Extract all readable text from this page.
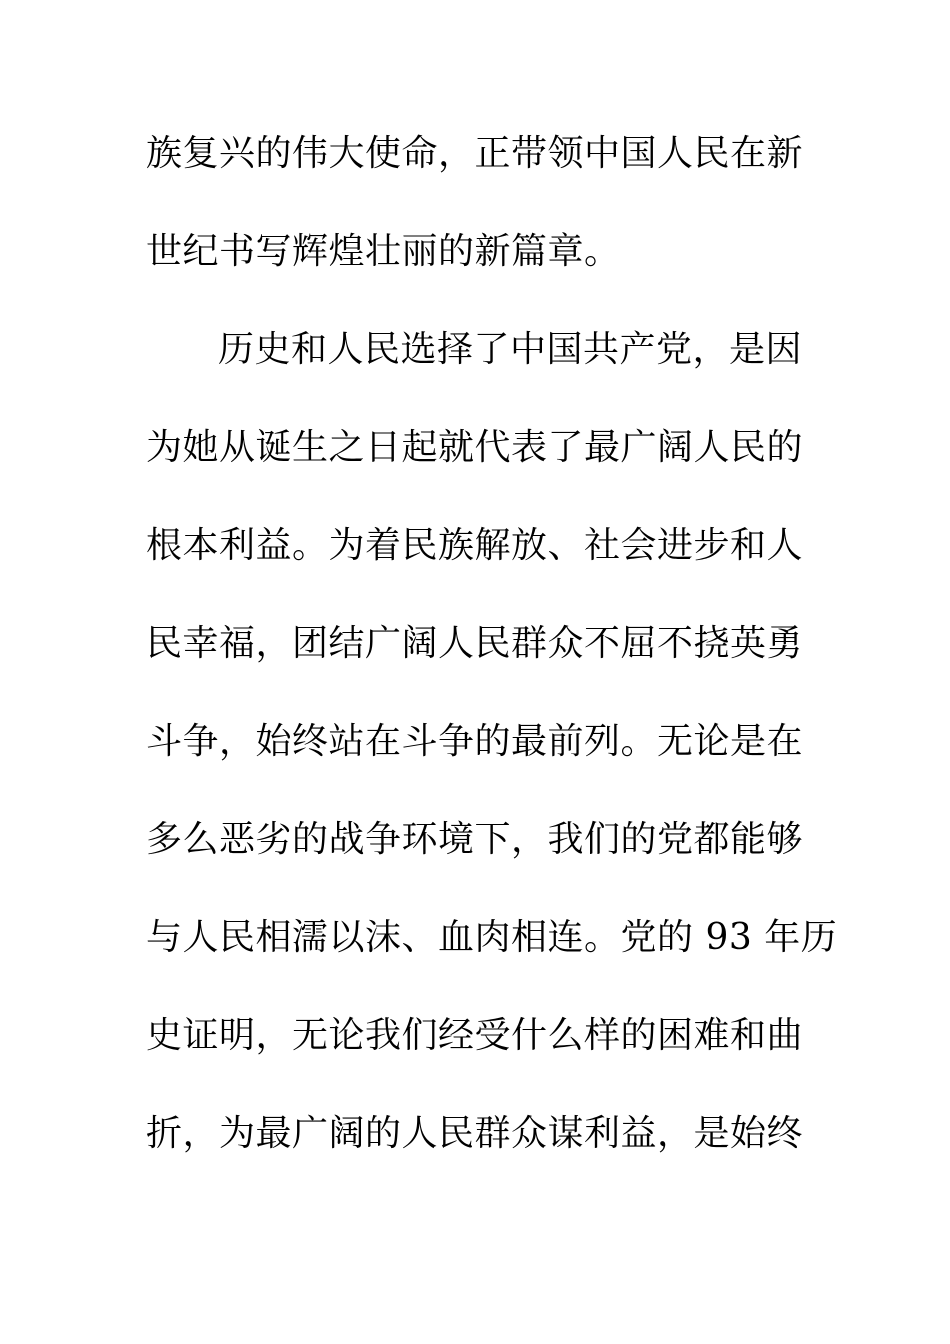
族复兴的伟大使命，正带领中国人民在新
世纪书写辉煌壮丽的新篇章。
历史和人民选择了中国共产党，是因
为她从诞生之日起就代表了最广阔人民的
根本利益。为着民族解放、社会进步和人
民幸福，团结广阔人民群众不屈不挠英勇
斗争，始终站在斗争的最前列。无论是在
多么恶劣的战争环境下，我们的党都能够
与人民相濡以沫、血肉相连。党的 93 年历
史证明，无论我们经受什么样的困难和曲
折，为最广阔的人民群众谋利益，是始终
